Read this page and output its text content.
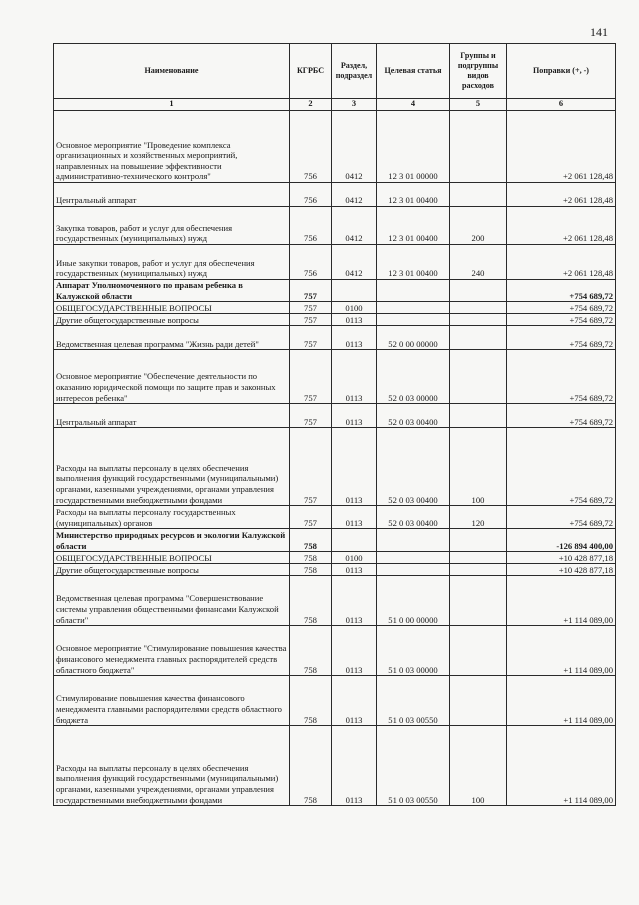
141
Наименование	КГРБС	Раздел, подраздел	Целевая статья	Группы и подгруппы видов расходов	Поправки (+, -)
1	2	3	4	5	6
Основное мероприятие "Проведение комплекса организационных и хозяйственных мероприятий, направленных на повышение эффективности административно-технического контроля"	756	0412	12 3 01 00000		+2 061 128,48
Центральный аппарат	756	0412	12 3 01 00400		+2 061 128,48
Закупка товаров, работ и услуг для обеспечения государственных (муниципальных) нужд	756	0412	12 3 01 00400	200	+2 061 128,48
Иные закупки товаров, работ и услуг для обеспечения государственных (муниципальных) нужд	756	0412	12 3 01 00400	240	+2 061 128,48
Аппарат Уполномоченного по правам ребенка в Калужской области	757				+754 689,72
ОБЩЕГОСУДАРСТВЕННЫЕ ВОПРОСЫ	757	0100			+754 689,72
Другие общегосударственные вопросы	757	0113			+754 689,72
Ведомственная целевая программа "Жизнь ради детей"	757	0113	52 0 00 00000		+754 689,72
Основное мероприятие "Обеспечение деятельности по оказанию юридической помощи по защите прав и законных интересов ребенка"	757	0113	52 0 03 00000		+754 689,72
Центральный аппарат	757	0113	52 0 03 00400		+754 689,72
Расходы на выплаты персоналу в целях обеспечения выполнения функций государственными (муниципальными) органами, казенными учреждениями, органами управления государственными внебюджетными фондами	757	0113	52 0 03 00400	100	+754 689,72
Расходы на выплаты персоналу государственных (муниципальных) органов	757	0113	52 0 03 00400	120	+754 689,72
Министерство природных ресурсов и экологии Калужской области	758				-126 894 400,00
ОБЩЕГОСУДАРСТВЕННЫЕ ВОПРОСЫ	758	0100			+10 428 877,18
Другие общегосударственные вопросы	758	0113			+10 428 877,18
Ведомственная целевая программа "Совершенствование системы управления общественными финансами Калужской области"	758	0113	51 0 00 00000		+1 114 089,00
Основное мероприятие "Стимулирование повышения качества финансового менеджмента главных распорядителей средств областного бюджета"	758	0113	51 0 03 00000		+1 114 089,00
Стимулирование повышения качества финансового менеджмента главными распорядителями средств областного бюджета	758	0113	51 0 03 00550		+1 114 089,00
Расходы на выплаты персоналу в целях обеспечения выполнения функций государственными (муниципальными) органами, казенными учреждениями, органами управления государственными внебюджетными фондами	758	0113	51 0 03 00550	100	+1 114 089,00
